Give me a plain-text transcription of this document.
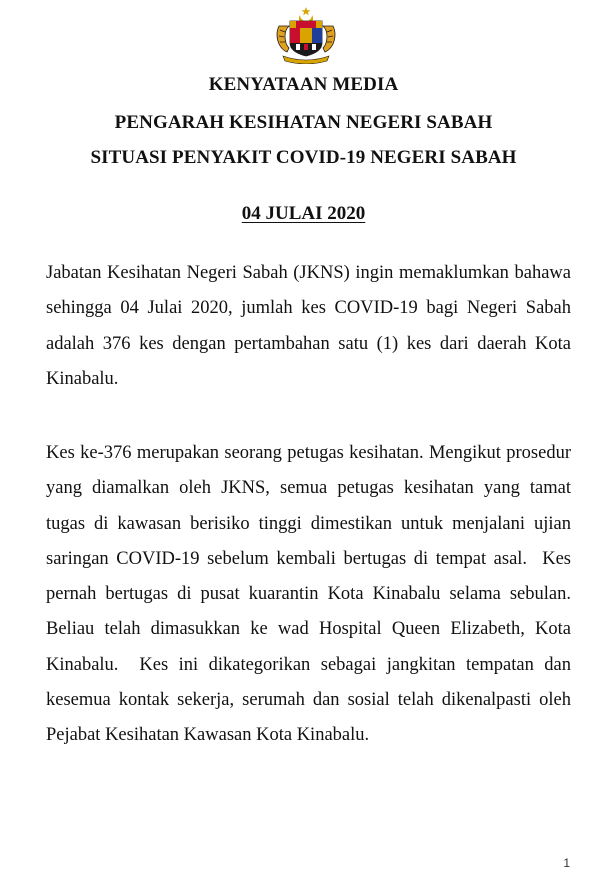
KENYATAAN MEDIA
PENGARAH KESIHATAN NEGERI SABAH
SITUASI PENYAKIT COVID-19 NEGERI SABAH
04 JULAI 2020

Jabatan Kesihatan Negeri Sabah (JKNS) ingin memaklumkan bahawa sehingga 04 Julai 2020, jumlah kes COVID-19 bagi Negeri Sabah adalah 376 kes dengan pertambahan satu (1) kes dari daerah Kota Kinabalu.

Kes ke-376 merupakan seorang petugas kesihatan. Mengikut prosedur yang diamalkan oleh JKNS, semua petugas kesihatan yang tamat tugas di kawasan berisiko tinggi dimestikan untuk menjalani ujian saringan COVID-19 sebelum kembali bertugas di tempat asal.  Kes pernah bertugas di pusat kuarantin Kota Kinabalu selama sebulan.  Beliau telah dimasukkan ke wad Hospital Queen Elizabeth, Kota Kinabalu.  Kes ini dikategorikan sebagai jangkitan tempatan dan kesemua kontak sekerja, serumah dan sosial telah dikenalpasti oleh Pejabat Kesihatan Kawasan Kota Kinabalu.

1
